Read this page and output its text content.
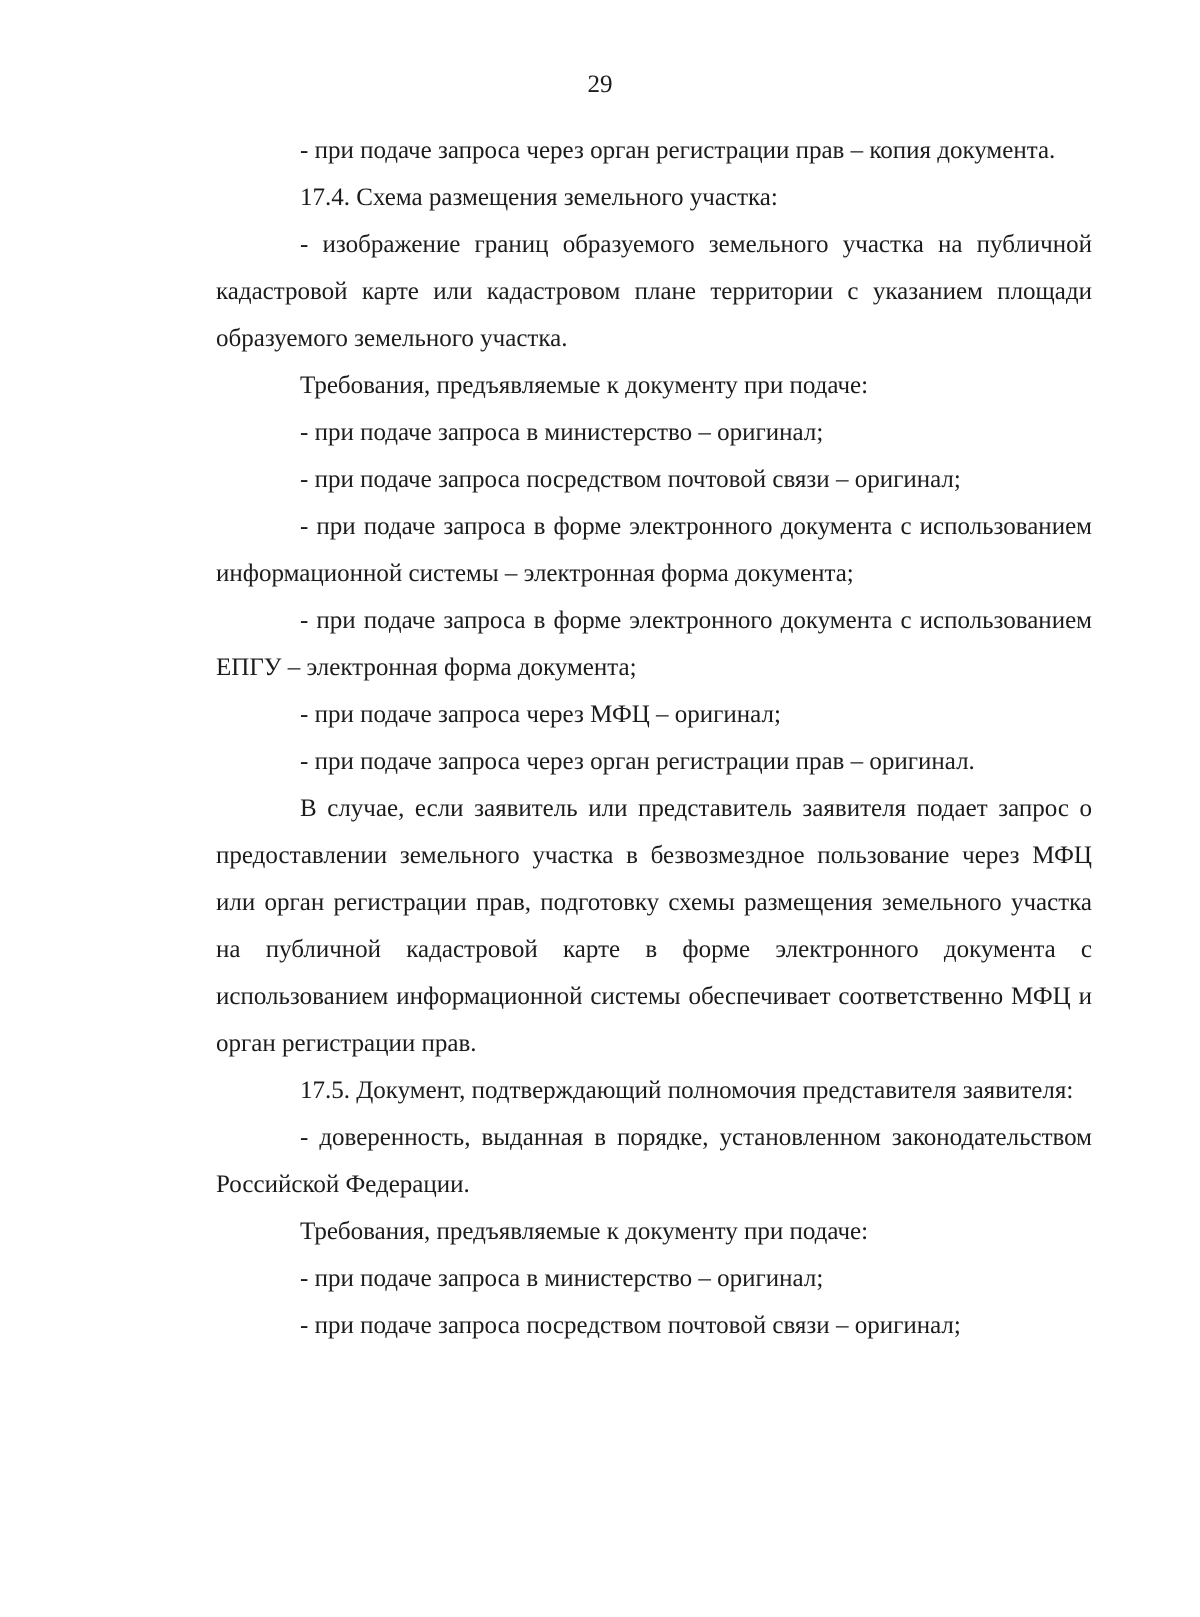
29

- при подаче запроса через орган регистрации прав – копия документа.

17.4. Схема размещения земельного участка:

- изображение границ образуемого земельного участка на публичной кадастровой карте или кадастровом плане территории с указанием площади образуемого земельного участка.

Требования, предъявляемые к документу при подаче:

- при подаче запроса в министерство – оригинал;

- при подаче запроса посредством почтовой связи – оригинал;

- при подаче запроса в форме электронного документа с использованием информационной системы – электронная форма документа;

- при подаче запроса в форме электронного документа с использованием ЕПГУ – электронная форма документа;

- при подаче запроса через МФЦ – оригинал;

- при подаче запроса через орган регистрации прав – оригинал.

В случае, если заявитель или представитель заявителя подает запрос о предоставлении земельного участка в безвозмездное пользование через МФЦ или орган регистрации прав, подготовку схемы размещения земельного участка на публичной кадастровой карте в форме электронного документа с использованием информационной системы обеспечивает соответственно МФЦ и орган регистрации прав.

17.5. Документ, подтверждающий полномочия представителя заявителя:

- доверенность, выданная в порядке, установленном законодательством Российской Федерации.

Требования, предъявляемые к документу при подаче:

- при подаче запроса в министерство – оригинал;

- при подаче запроса посредством почтовой связи – оригинал;
